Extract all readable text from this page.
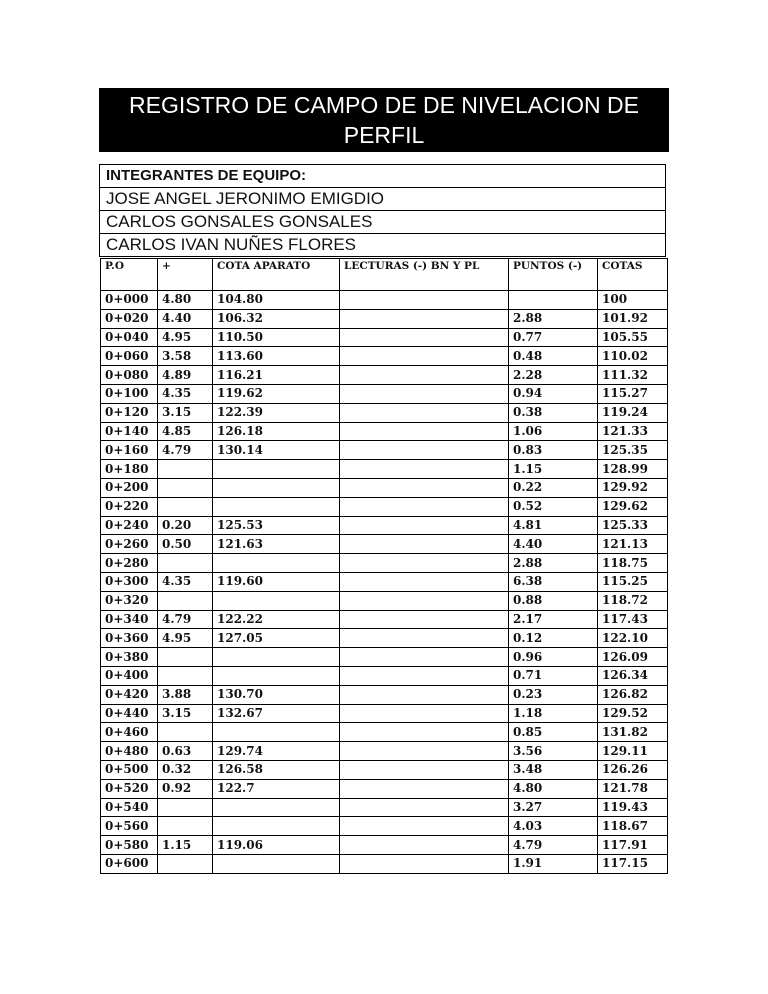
REGISTRO DE CAMPO DE DE NIVELACION DE PERFIL
INTEGRANTES DE EQUIPO:
JOSE ANGEL JERONIMO EMIGDIO
CARLOS GONSALES GONSALES
CARLOS IVAN NUÑES FLORES
P.O	+	COTA APARATO	LECTURAS (-) BN Y PL	PUNTOS (-)	COTAS
0+000	4.80	104.80			100
0+020	4.40	106.32		2.88	101.92
0+040	4.95	110.50		0.77	105.55
0+060	3.58	113.60		0.48	110.02
0+080	4.89	116.21		2.28	111.32
0+100	4.35	119.62		0.94	115.27
0+120	3.15	122.39		0.38	119.24
0+140	4.85	126.18		1.06	121.33
0+160	4.79	130.14		0.83	125.35
0+180				1.15	128.99
0+200				0.22	129.92
0+220				0.52	129.62
0+240	0.20	125.53		4.81	125.33
0+260	0.50	121.63		4.40	121.13
0+280				2.88	118.75
0+300	4.35	119.60		6.38	115.25
0+320				0.88	118.72
0+340	4.79	122.22		2.17	117.43
0+360	4.95	127.05		0.12	122.10
0+380				0.96	126.09
0+400				0.71	126.34
0+420	3.88	130.70		0.23	126.82
0+440	3.15	132.67		1.18	129.52
0+460				0.85	131.82
0+480	0.63	129.74		3.56	129.11
0+500	0.32	126.58		3.48	126.26
0+520	0.92	122.7		4.80	121.78
0+540				3.27	119.43
0+560				4.03	118.67
0+580	1.15	119.06		4.79	117.91
0+600				1.91	117.15
